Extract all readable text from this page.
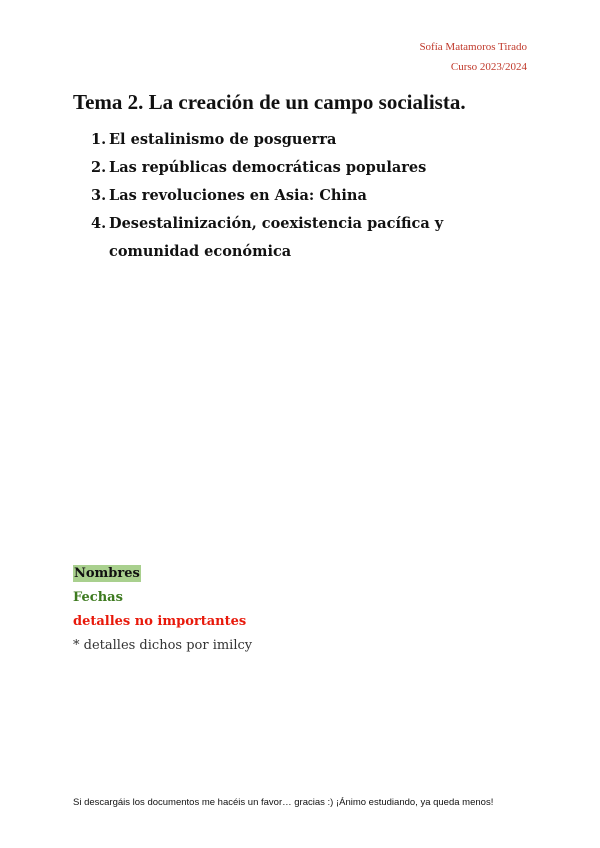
Sofía Matamoros Tirado
Curso 2023/2024
Tema 2. La creación de un campo socialista.
1. El estalinismo de posguerra
2. Las repúblicas democráticas populares
3. Las revoluciones en Asia: China
4. Desestalinización, coexistencia pacífica y comunidad económica
Nombres
Fechas
detalles no importantes
* detalles dichos por imilcy
Si descargáis los documentos me hacéis un favor… gracias :) ¡Ánimo estudiando, ya queda menos!
